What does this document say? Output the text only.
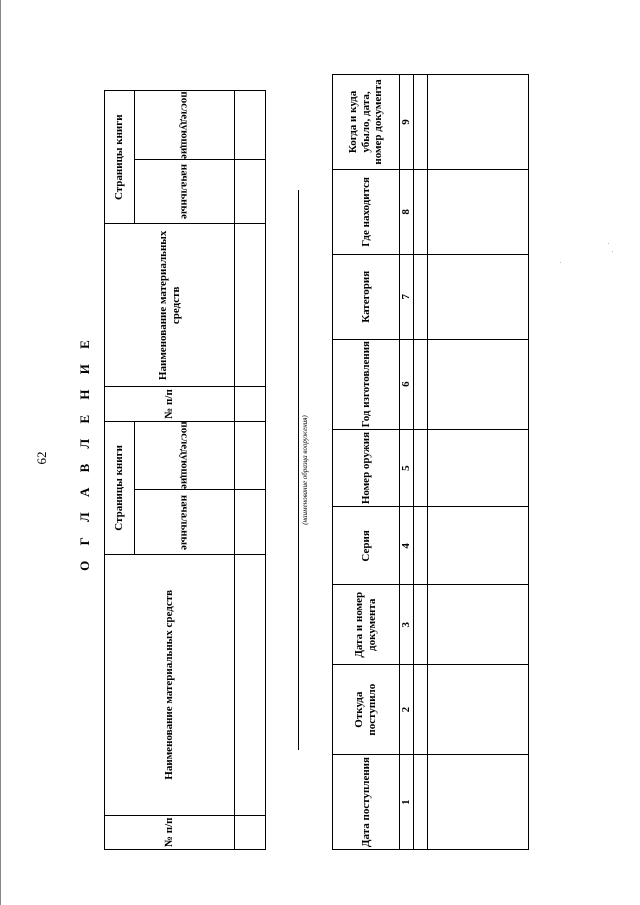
62 О Г Л А В Л Е Н И Е
№ п/п	Наименование материальных средств	Страницы книги		№ п/п	Наименование материальных средств	Страницы книги	
		начальные	последующие			начальные	последующие

(наименование образца вооружения)
Дата поступления	Откуда поступило	Дата и номер документа	Серия	Номер оружия	Год изготовления	Категория	Где находится	Когда и куда убыло, дата, номер документа
1	2	3	4	5	6	7	8	9
